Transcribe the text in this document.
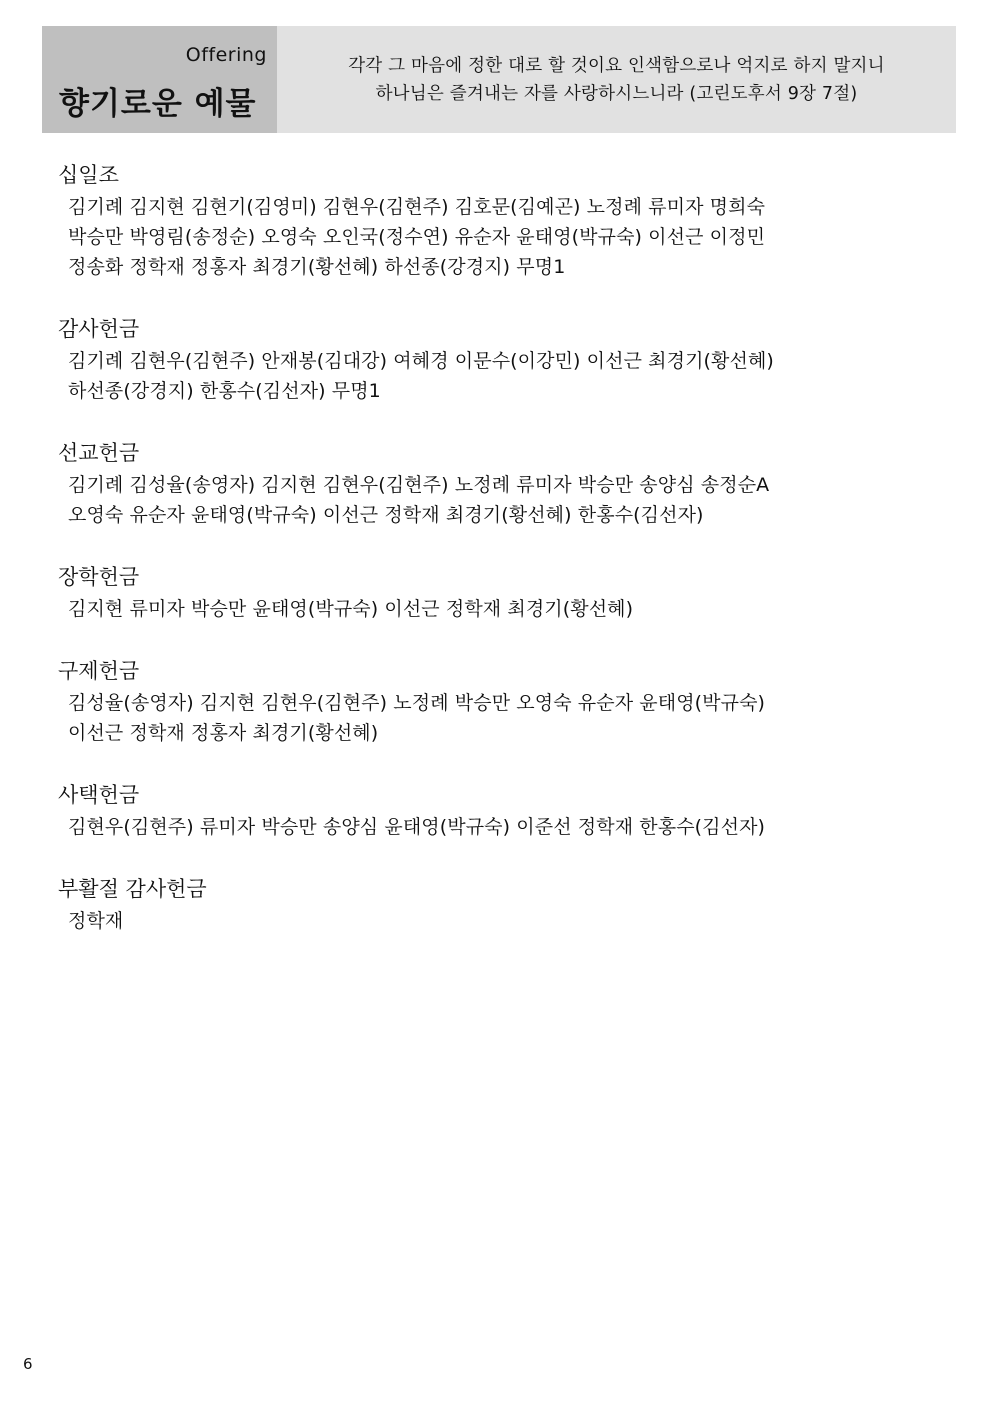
Offering
향기로운 예물
각각 그 마음에 정한 대로 할 것이요 인색함으로나 억지로 하지 말지니
하나님은 즐겨내는 자를 사랑하시느니라 (고린도후서 9장 7절)
십일조
김기례 김지현 김현기(김영미) 김현우(김현주) 김호문(김예곤) 노정례 류미자 명희숙
박승만 박영림(송정순) 오영숙 오인국(정수연) 유순자 윤태영(박규숙) 이선근 이정민
정송화 정학재 정홍자 최경기(황선혜) 하선종(강경지) 무명1
감사헌금
김기례 김현우(김현주) 안재봉(김대강) 여혜경 이문수(이강민) 이선근 최경기(황선혜)
하선종(강경지) 한홍수(김선자) 무명1
선교헌금
김기례 김성율(송영자) 김지현 김현우(김현주) 노정례 류미자 박승만 송양심 송정순A
오영숙 유순자 윤태영(박규숙) 이선근 정학재 최경기(황선혜) 한홍수(김선자)
장학헌금
김지현 류미자 박승만 윤태영(박규숙) 이선근 정학재 최경기(황선혜)
구제헌금
김성율(송영자) 김지현 김현우(김현주) 노정례 박승만 오영숙 유순자 윤태영(박규숙)
이선근 정학재 정홍자 최경기(황선혜)
사택헌금
김현우(김현주) 류미자 박승만 송양심 윤태영(박규숙) 이준선 정학재 한홍수(김선자)
부활절 감사헌금
정학재
6
